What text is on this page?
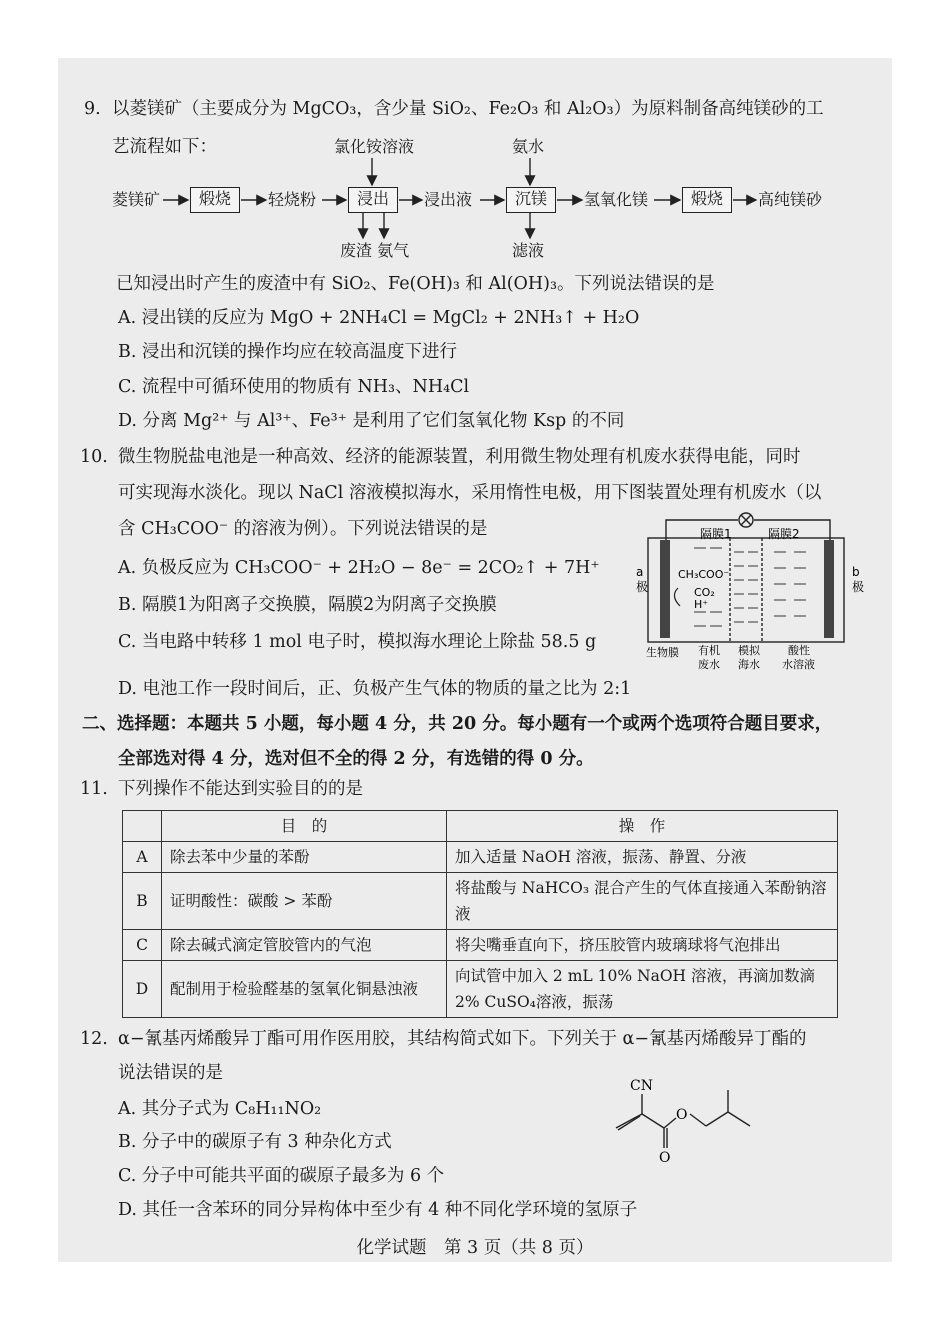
9. 以菱镁矿（主要成分为 MgCO₃，含少量 SiO₂、Fe₂O₃ 和 Al₂O₃）为原料制备高纯镁砂的工
艺流程如下：
菱镁矿	煅烧	轻烧粉	浸出
氯化铵溶液
废渣 氨气
浸出液	沉镁
氨水
滤液
氢氧化镁	煅烧	高纯镁砂
已知浸出时产生的废渣中有 SiO₂、Fe(OH)₃ 和 Al(OH)₃。下列说法错误的是
A. 浸出镁的反应为 MgO + 2NH₄Cl = MgCl₂ + 2NH₃↑ + H₂O
B. 浸出和沉镁的操作均应在较高温度下进行
C. 流程中可循环使用的物质有 NH₃、NH₄Cl
D. 分离 Mg²⁺ 与 Al³⁺、Fe³⁺ 是利用了它们氢氧化物 Ksp 的不同
10. 微生物脱盐电池是一种高效、经济的能源装置，利用微生物处理有机废水获得电能，同时
可实现海水淡化。现以 NaCl 溶液模拟海水，采用惰性电极，用下图装置处理有机废水（以
含 CH₃COO⁻ 的溶液为例）。下列说法错误的是
A. 负极反应为 CH₃COO⁻ + 2H₂O − 8e⁻ = 2CO₂↑ + 7H⁺
B. 隔膜1为阳离子交换膜，隔膜2为阴离子交换膜
C. 当电路中转移 1 mol 电子时，模拟海水理论上除盐 58.5 g
D. 电池工作一段时间后，正、负极产生气体的物质的量之比为 2:1
隔膜1	隔膜2
a
极
b
极
CH₃COO⁻
CO₂
H⁺
生物膜 有机
废水
模拟
海水
酸性
水溶液
二、选择题：本题共 5 小题，每小题 4 分，共 20 分。每小题有一个或两个选项符合题目要求，
全部选对得 4 分，选对但不全的得 2 分，有选错的得 0 分。
11. 下列操作不能达到实验目的的是
	目　的	操　作
A	除去苯中少量的苯酚	加入适量 NaOH 溶液，振荡、静置、分液
B	证明酸性：碳酸 > 苯酚	将盐酸与 NaHCO₃ 混合产生的气体直接通入苯酚钠溶液
C	除去碱式滴定管胶管内的气泡	将尖嘴垂直向下，挤压胶管内玻璃球将气泡排出
D	配制用于检验醛基的氢氧化铜悬浊液	向试管中加入 2 mL 10% NaOH 溶液，再滴加数滴 2% CuSO₄溶液，振荡
12. α−氰基丙烯酸异丁酯可用作医用胶，其结构简式如下。下列关于 α−氰基丙烯酸异丁酯的
说法错误的是
A. 其分子式为 C₈H₁₁NO₂
B. 分子中的碳原子有 3 种杂化方式
C. 分子中可能共平面的碳原子最多为 6 个
D. 其任一含苯环的同分异构体中至少有 4 种不同化学环境的氢原子
CN
O
O
化学试题　第 3 页（共 8 页）
